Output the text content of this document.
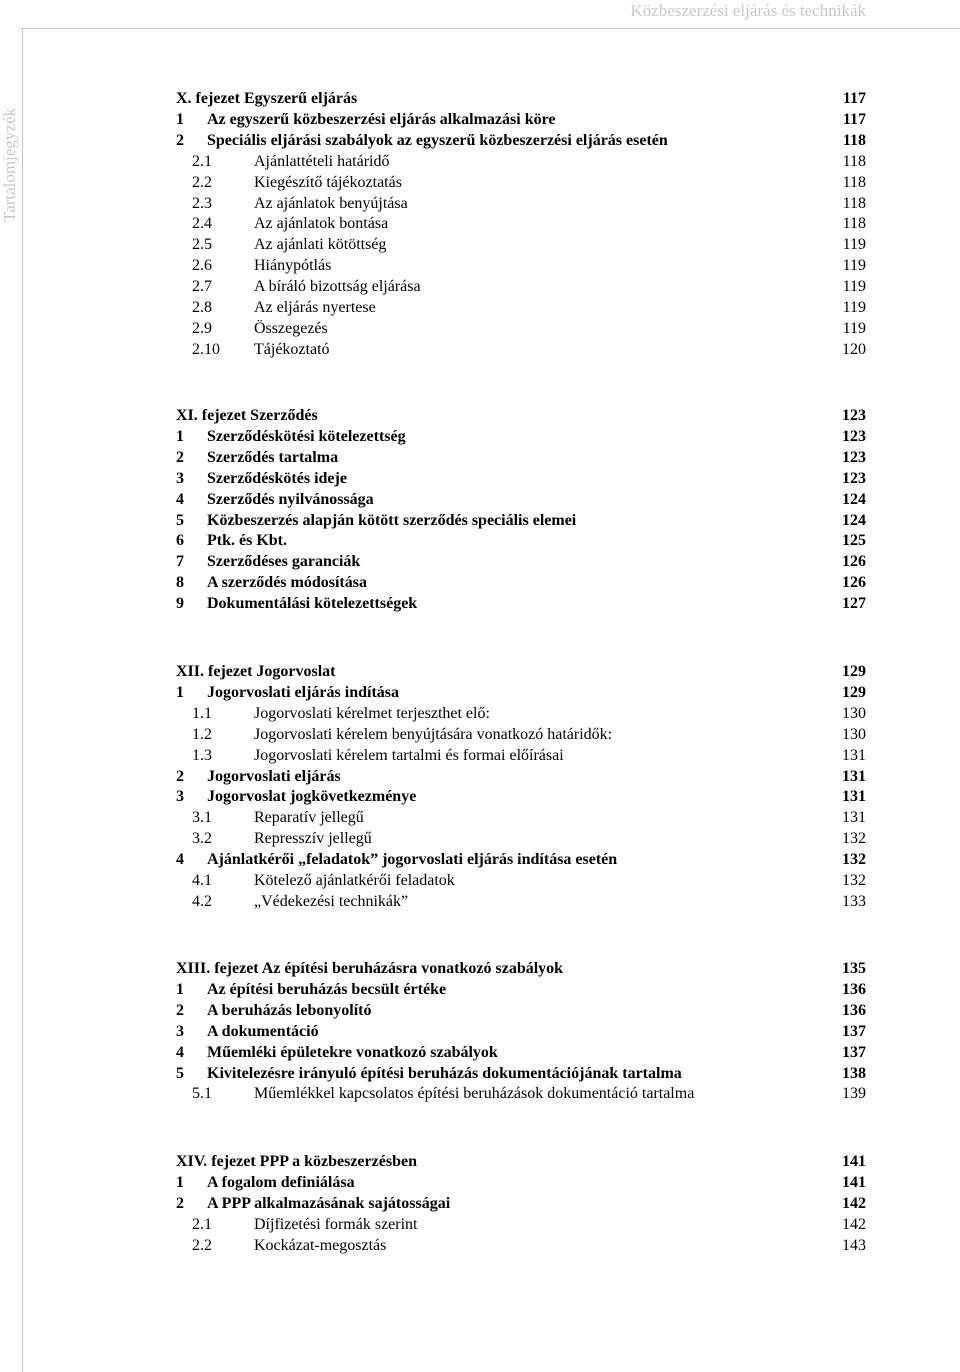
Közbeszerzési eljárás és technikák
Tartalomjegyzék
X. fejezet Egyszerű eljárás	117
1 Az egyszerű közbeszerzési eljárás alkalmazási köre	117
2 Speciális eljárási szabályok az egyszerű közbeszerzési eljárás esetén	118
2.1	Ajánlattételi határidő	118
2.2	Kiegészítő tájékoztatás	118
2.3	Az ajánlatok benyújtása	118
2.4	Az ajánlatok bontása	118
2.5	Az ajánlati kötöttség	119
2.6	Hiánypótlás	119
2.7	A bíráló bizottság eljárása	119
2.8	Az eljárás nyertese	119
2.9	Összegezés	119
2.10 Tájékoztató	120
XI. fejezet Szerződés	123
1 Szerződéskötési kötelezettség	123
2 Szerződés tartalma	123
3 Szerződéskötés ideje	123
4 Szerződés nyilvánossága	124
5 Közbeszerzés alapján kötött szerződés speciális elemei	124
6 Ptk. és Kbt.	125
7 Szerződéses garanciák	126
8 A szerződés módosítása	126
9 Dokumentálási kötelezettségek	127
XII. fejezet Jogorvoslat	129
1 Jogorvoslati eljárás indítása	129
1.1	Jogorvoslati kérelmet terjeszthet elő:	130
1.2	Jogorvoslati kérelem benyújtására vonatkozó határidők:	130
1.3	Jogorvoslati kérelem tartalmi és formai előírásai	131
2 Jogorvoslati eljárás	131
3 Jogorvoslat jogkövetkezménye	131
3.1	Reparatív jellegű	131
3.2	Represszív jellegű	132
4 Ajánlatkérői „feladatok” jogorvoslati eljárás indítása esetén	132
4.1	Kötelező ajánlatkérői feladatok	132
4.2	„Védekezési technikák”	133
XIII. fejezet Az építési beruházásra vonatkozó szabályok	135
1 Az építési beruházás becsült értéke	136
2 A beruházás lebonyolító	136
3 A dokumentáció	137
4 Műemléki épületekre vonatkozó szabályok	137
5 Kivitelezésre irányuló építési beruházás dokumentációjának tartalma	138
5.1	Műemlékkel kapcsolatos építési beruházások dokumentáció tartalma	139
XIV. fejezet PPP a közbeszerzésben	141
1 A fogalom definiálása	141
2 A PPP alkalmazásának sajátosságai	142
2.1	Díjfizetési formák szerint	142
2.2	Kockázat-megosztás	143
